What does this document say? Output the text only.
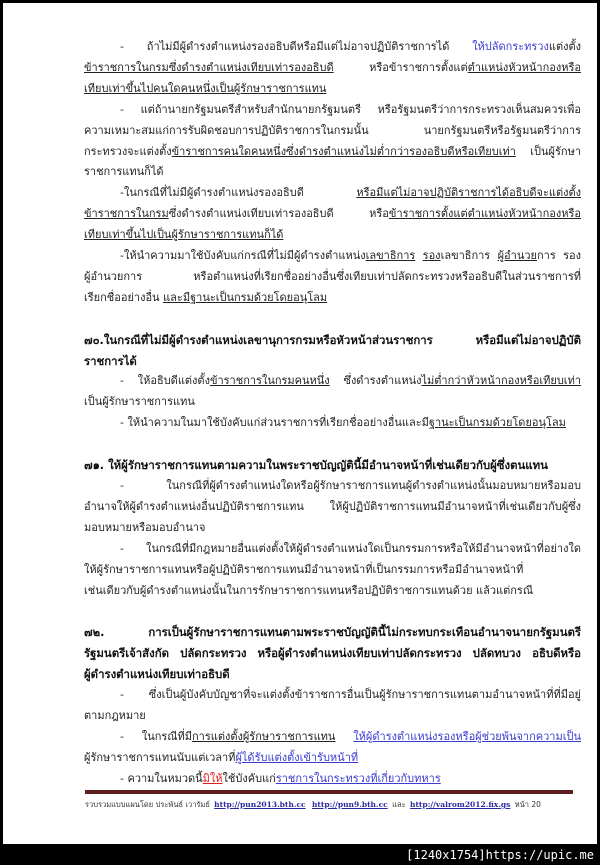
- ถ้าไม่มีผู้ดำรงตำแหน่งรองอธิบดีหรือมีแต่ไม่อาจปฏิบัติราชการได้ ให้ปลัดกระทรวงแต่งตั้ง
ข้าราชการในกรมซึ่งดำรงตำแหน่งเทียบเท่ารองอธิบดี หรือข้าราชการตั้งแต่ตำแหน่งหัวหน้ากองหรือ
เทียบเท่าขึ้นไปคนใดคนหนึ่งเป็นผู้รักษาราชการแทน
- แต่ถ้านายกรัฐมนตรีสำหรับสำนักนายกรัฐมนตรี หรือรัฐมนตรีว่าการกระทรวงเห็นสมควรเพื่อ
ความเหมาะสมแก่การรับผิดชอบการปฏิบัติราชการในกรมนั้น นายกรัฐมนตรีหรือรัฐมนตรีว่าการ
กระทรวงจะแต่งตั้งข้าราชการคนใดคนหนึ่งซึ่งดำรงตำแหน่งไม่ต่ำกว่ารองอธิบดีหรือเทียบเท่า เป็นผู้รักษา
ราชการแทนก็ได้
-ในกรณีที่ไม่มีผู้ดำรงตำแหน่งรองอธิบดี หรือมีแต่ไม่อาจปฏิบัติราชการได้อธิบดีจะแต่งตั้ง
ข้าราชการในกรมซึ่งดำรงตำแหน่งเทียบเท่ารองอธิบดี หรือข้าราชการตั้งแต่ตำแหน่งหัวหน้ากองหรือ
เทียบเท่าขึ้นไปเป็นผู้รักษาราชการแทนก็ได้
-ให้นำความมาใช้บังคับแก่กรณีที่ไม่มีผู้ดำรงตำแหน่งเลขาธิการ รองเลขาธิการ ผู้อำนวยการ รอง
ผู้อำนวยการ หรือตำแหน่งที่เรียกชื่ออย่างอื่นซึ่งเทียบเท่าปลัดกระทรวงหรืออธิบดีในส่วนราชการที่
เรียกชื่ออย่างอื่น และมีฐานะเป็นกรมด้วยโดยอนุโลม
๗๐.ในกรณีที่ไม่มีผู้ดำรงตำแหน่งเลขานุการกรมหรือหัวหน้าส่วนราชการ หรือมีแต่ไม่อาจปฏิบัติ
ราชการได้
- ให้อธิบดีแต่งตั้งข้าราชการในกรมคนหนึ่ง ซึ่งดำรงตำแหน่งไม่ต่ำกว่าหัวหน้ากองหรือเทียบเท่า
เป็นผู้รักษาราชการแทน
- ให้นำความในมาใช้บังคับแก่ส่วนราชการที่เรียกชื่ออย่างอื่นและมีฐานะเป็นกรมด้วยโดยอนุโลม
๗๑. ให้ผู้รักษาราชการแทนตามความในพระราชบัญญัตินี้มีอำนาจหน้าที่เช่นเดียวกับผู้ซึ่งตนแทน
- ในกรณีที่ผู้ดำรงตำแหน่งใดหรือผู้รักษาราชการแทนผู้ดำรงตำแหน่งนั้นมอบหมายหรือมอบ
อำนาจให้ผู้ดำรงตำแหน่งอื่นปฏิบัติราชการแทน ให้ผู้ปฏิบัติราชการแทนมีอำนาจหน้าที่เช่นเดียวกับผู้ซึ่ง
มอบหมายหรือมอบอำนาจ
- ในกรณีที่มีกฎหมายอื่นแต่งตั้งให้ผู้ดำรงตำแหน่งใดเป็นกรรมการหรือให้มีอำนาจหน้าที่อย่างใด
ให้ผู้รักษาราชการแทนหรือผู้ปฏิบัติราชการแทนมีอำนาจหน้าที่เป็นกรรมการหรือมีอำนาจหน้าที่
เช่นเดียวกับผู้ดำรงตำแหน่งนั้นในการรักษาราชการแทนหรือปฏิบัติราชการแทนด้วย แล้วแต่กรณี
๗๒. การเป็นผู้รักษาราชการแทนตามพระราชบัญญัตินี้ไม่กระทบกระเทือนอำนาจนายกรัฐมนตรี
รัฐมนตรีเจ้าสังกัด ปลัดกระทรวง หรือผู้ดำรงตำแหน่งเทียบเท่าปลัดกระทรวง ปลัดทบวง อธิบดีหรือ
ผู้ดำรงตำแหน่งเทียบเท่าอธิบดี
- ซึ่งเป็นผู้บังคับบัญชาที่จะแต่งตั้งข้าราชการอื่นเป็นผู้รักษาราชการแทนตามอำนาจหน้าที่ที่มีอยู่
ตามกฎหมาย
- ในกรณีที่มีการแต่งตั้งผู้รักษาราชการแทน ให้ผู้ดำรงตำแหน่งรองหรือผู้ช่วยพ้นจากความเป็น
ผู้รักษาราชการแทนนับแต่เวลาที่ผู้ได้รับแต่งตั้งเข้ารับหน้าที่
- ความในหมวดนี้มิให้ใช้บังคับแก่ราชการในกระทรวงที่เกี่ยวกับทหาร
รวบรวมแบบแผนโดย ประพันธ์ เวารัมย์ http://pun2013.bth.cc http://pun9.bth.cc และ http://valrom2012.fix.gs หน้า 20
[1240x1754]https://upic.me
